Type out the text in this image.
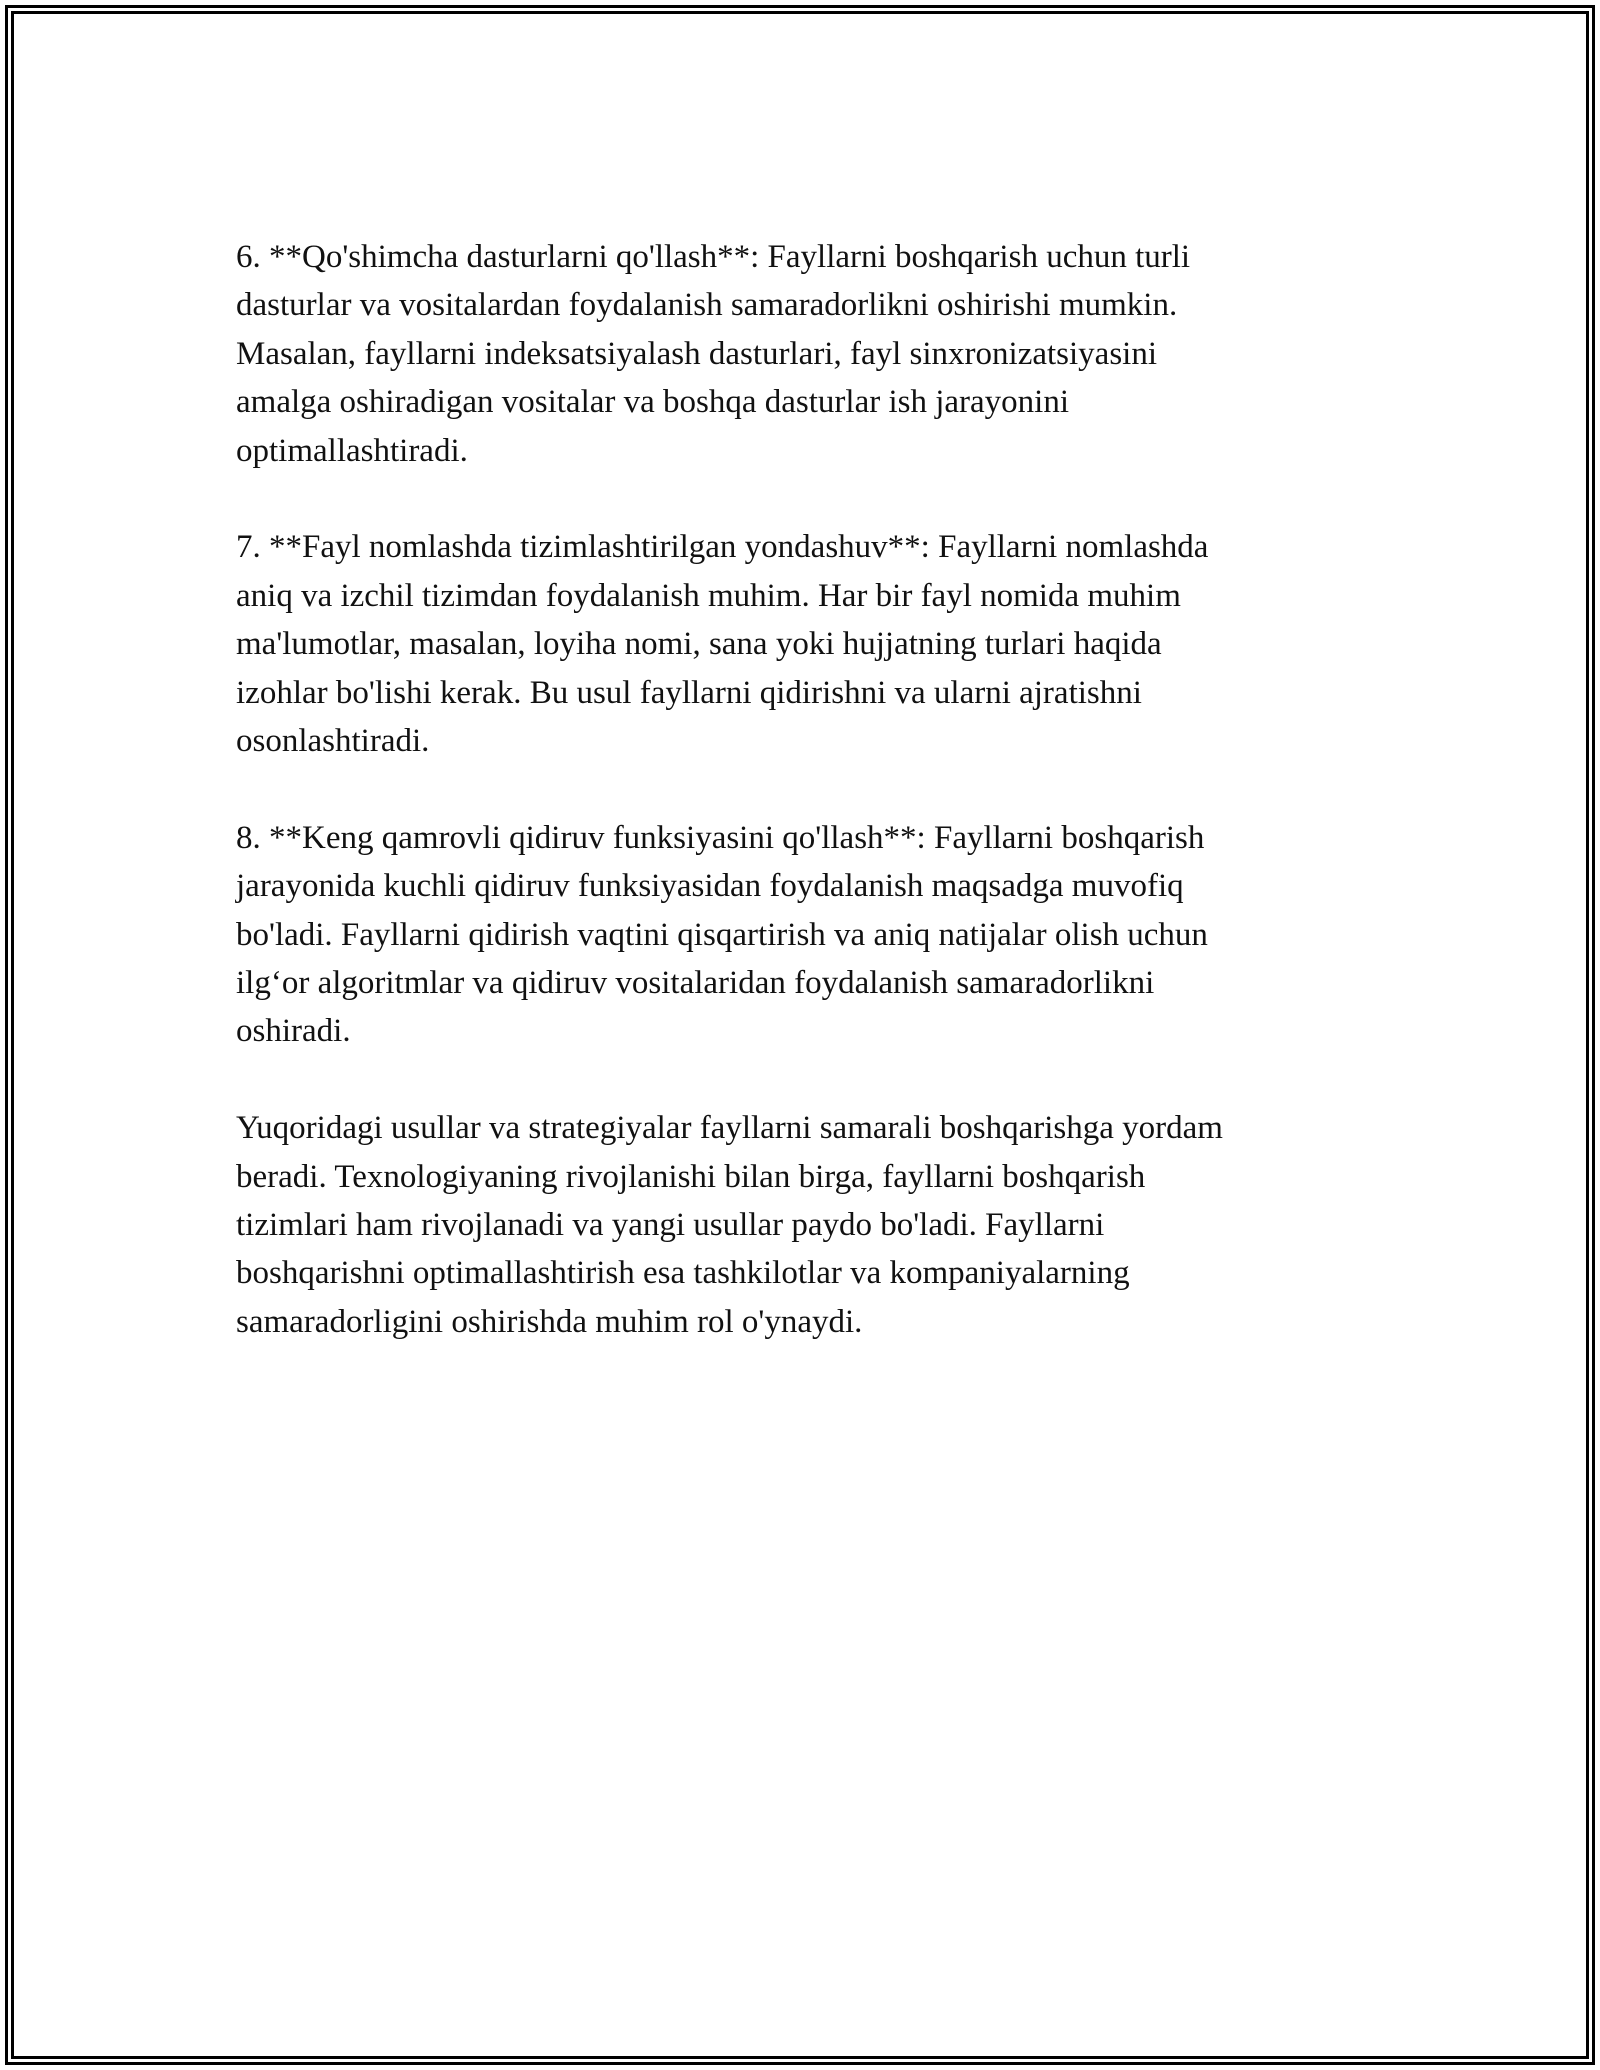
6. **Qo'shimcha dasturlarni qo'llash**: Fayllarni boshqarish uchun turli
dasturlar va vositalardan foydalanish samaradorlikni oshirishi mumkin.
Masalan, fayllarni indeksatsiyalash dasturlari, fayl sinxronizatsiyasini
amalga oshiradigan vositalar va boshqa dasturlar ish jarayonini
optimallashtiradi.

7. **Fayl nomlashda tizimlashtirilgan yondashuv**: Fayllarni nomlashda
aniq va izchil tizimdan foydalanish muhim. Har bir fayl nomida muhim
ma'lumotlar, masalan, loyiha nomi, sana yoki hujjatning turlari haqida
izohlar bo'lishi kerak. Bu usul fayllarni qidirishni va ularni ajratishni
osonlashtiradi.

8. **Keng qamrovli qidiruv funksiyasini qo'llash**: Fayllarni boshqarish
jarayonida kuchli qidiruv funksiyasidan foydalanish maqsadga muvofiq
bo'ladi. Fayllarni qidirish vaqtini qisqartirish va aniq natijalar olish uchun
ilg‘or algoritmlar va qidiruv vositalaridan foydalanish samaradorlikni
oshiradi.

Yuqoridagi usullar va strategiyalar fayllarni samarali boshqarishga yordam
beradi. Texnologiyaning rivojlanishi bilan birga, fayllarni boshqarish
tizimlari ham rivojlanadi va yangi usullar paydo bo'ladi. Fayllarni
boshqarishni optimallashtirish esa tashkilotlar va kompaniyalarning
samaradorligini oshirishda muhim rol o'ynaydi.
